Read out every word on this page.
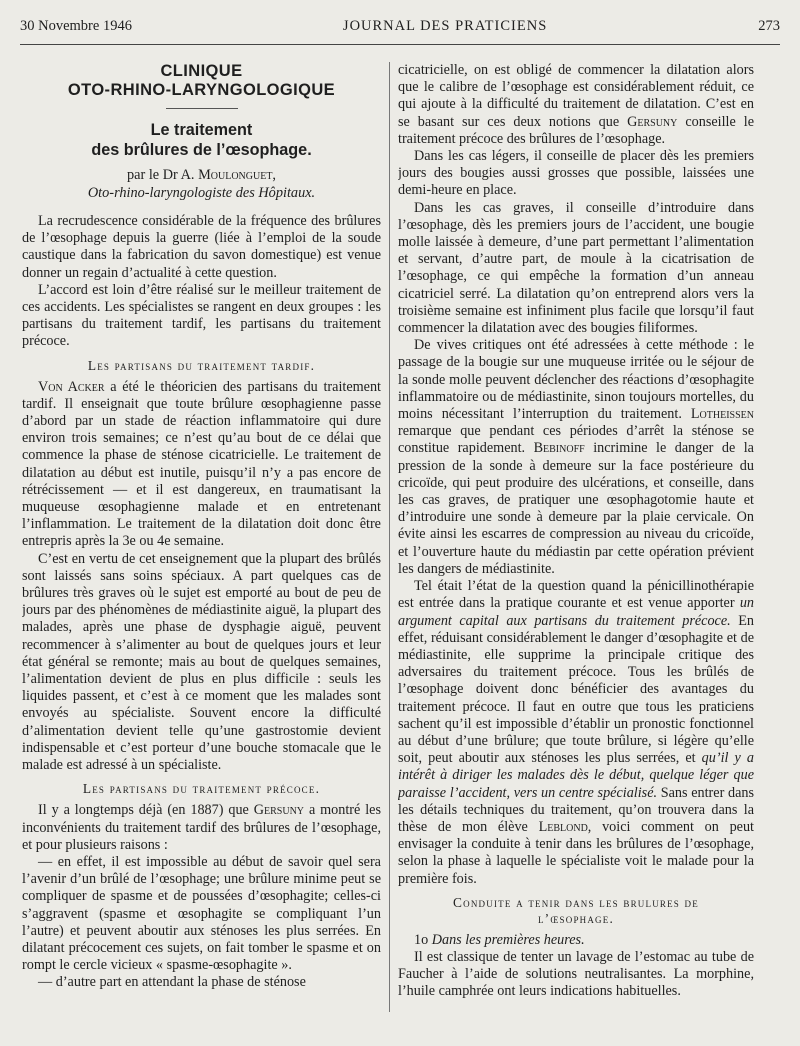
30 Novembre 1946	JOURNAL DES PRATICIENS	273
CLINIQUE
OTO-RHINO-LARYNGOLOGIQUE
Le traitement
des brûlures de l’œsophage.
par le Dr A. Moulonguet,
Oto-rhino-laryngologiste des Hôpitaux.

La recrudescence considérable de la fréquence des brûlures de l’œsophage depuis la guerre (liée à l’emploi de la soude caustique dans la fabrication du savon domestique) est venue donner un regain d’actualité à cette question.

L’accord est loin d’être réalisé sur le meilleur traitement de ces accidents. Les spécialistes se rangent en deux groupes : les partisans du traitement tardif, les partisans du traitement précoce.

Les partisans du traitement tardif.

Von Acker a été le théoricien des partisans du traitement tardif. Il enseignait que toute brûlure œsophagienne passe d’abord par un stade de réaction inflammatoire qui dure environ trois semaines; ce n’est qu’au bout de ce délai que commence la phase de sténose cicatricielle. Le traitement de dilatation au début est inutile, puisqu’il n’y a pas encore de rétrécissement — et il est dangereux, en traumatisant la muqueuse œsophagienne malade et en entretenant l’inflammation. Le traitement de la dilatation doit donc être entrepris après la 3e ou 4e semaine.

C’est en vertu de cet enseignement que la plupart des brûlés sont laissés sans soins spéciaux. A part quelques cas de brûlures très graves où le sujet est emporté au bout de peu de jours par des phénomènes de médiastinite aiguë, la plupart des malades, après une phase de dysphagie aiguë, peuvent recommencer à s’alimenter au bout de quelques jours et leur état général se remonte; mais au bout de quelques semaines, l’alimentation devient de plus en plus difficile : seuls les liquides passent, et c’est à ce moment que les malades sont envoyés au spécialiste. Souvent encore la difficulté d’alimentation devient telle qu’une gastrostomie devient indispensable et c’est porteur d’une bouche stomacale que le malade est adressé à un spécialiste.

Les partisans du traitement précoce.

Il y a longtemps déjà (en 1887) que Gersuny a montré les inconvénients du traitement tardif des brûlures de l’œsophage, et pour plusieurs raisons :

— en effet, il est impossible au début de savoir quel sera l’avenir d’un brûlé de l’œsophage; une brûlure minime peut se compliquer de spasme et de poussées d’œsophagite; celles-ci s’aggravent (spasme et œsophagite se compliquant l’un l’autre) et peuvent aboutir aux sténoses les plus serrées. En dilatant précocement ces sujets, on fait tomber le spasme et on rompt le cercle vicieux « spasme-œsophagite ».

— d’autre part en attendant la phase de sténose

cicatricielle, on est obligé de commencer la dilatation alors que le calibre de l’œsophage est considérablement réduit, ce qui ajoute à la difficulté du traitement de dilatation. C’est en se basant sur ces deux notions que Gersuny conseille le traitement précoce des brûlures de l’œsophage.

Dans les cas légers, il conseille de placer dès les premiers jours des bougies aussi grosses que possible, laissées une demi-heure en place.

Dans les cas graves, il conseille d’introduire dans l’œsophage, dès les premiers jours de l’accident, une bougie molle laissée à demeure, d’une part permettant l’alimentation et servant, d’autre part, de moule à la cicatrisation de l’œsophage, ce qui empêche la formation d’un anneau cicatriciel serré. La dilatation qu’on entreprend alors vers la troisième semaine est infiniment plus facile que lorsqu’il faut commencer la dilatation avec des bougies filiformes.

De vives critiques ont été adressées à cette méthode : le passage de la bougie sur une muqueuse irritée ou le séjour de la sonde molle peuvent déclencher des réactions d’œsophagite inflammatoire ou de médiastinite, sinon toujours mortelles, du moins nécessitant l’interruption du traitement. Lotheissen remarque que pendant ces périodes d’arrêt la sténose se constitue rapidement. Bebinoff incrimine le danger de la pression de la sonde à demeure sur la face postérieure du cricoïde, qui peut produire des ulcérations, et conseille, dans les cas graves, de pratiquer une œsophagotomie haute et d’introduire une sonde à demeure par la plaie cervicale. On évite ainsi les escarres de compression au niveau du cricoïde, et l’ouverture haute du médiastin par cette opération prévient les dangers de médiastinite.

Tel était l’état de la question quand la pénicillinothérapie est entrée dans la pratique courante et est venue apporter un argument capital aux partisans du traitement précoce. En effet, réduisant considérablement le danger d’œsophagite et de médiastinite, elle supprime la principale critique des adversaires du traitement précoce. Tous les brûlés de l’œsophage doivent donc bénéficier des avantages du traitement précoce. Il faut en outre que tous les praticiens sachent qu’il est impossible d’établir un pronostic fonctionnel au début d’une brûlure; que toute brûlure, si légère qu’elle soit, peut aboutir aux sténoses les plus serrées, et qu’il y a intérêt à diriger les malades dès le début, quelque léger que paraisse l’accident, vers un centre spécialisé. Sans entrer dans les détails techniques du traitement, qu’on trouvera dans la thèse de mon élève Leblond, voici comment on peut envisager la conduite à tenir dans les brûlures de l’œsophage, selon la phase à laquelle le spécialiste voit le malade pour la première fois.

Conduite a tenir dans les brulures de
l’œsophage.

1o Dans les premières heures.

Il est classique de tenter un lavage de l’estomac au tube de Faucher à l’aide de solutions neutralisantes. La morphine, l’huile camphrée ont leurs indications habituelles.
